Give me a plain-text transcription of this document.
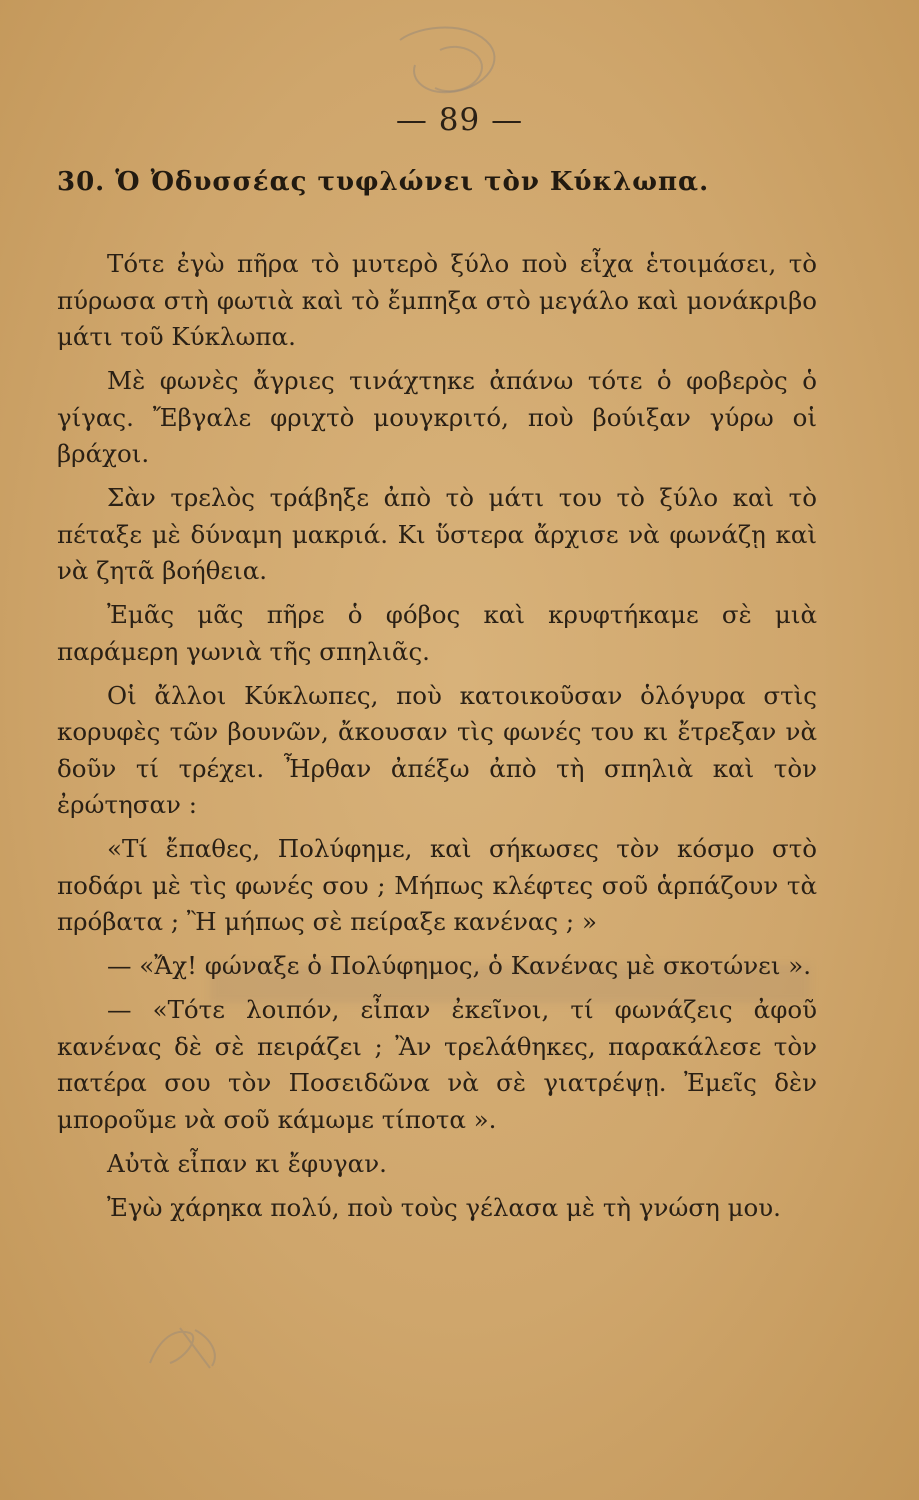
— 89 —
30. Ὁ Ὀδυσσέας τυφλώνει τὸν Κύκλωπα.

Τότε ἐγὼ πῆρα τὸ μυτερὸ ξύλο ποὺ εἶχα ἑτοιμάσει, τὸ πύρωσα στὴ φωτιὰ καὶ τὸ ἔμπηξα στὸ μεγάλο καὶ μονάκριβο μάτι τοῦ Κύκλωπα.

Μὲ φωνὲς ἄγριες τινάχτηκε ἀπάνω τότε ὁ φοβερὸς ὁ γίγας. Ἔβγαλε φριχτὸ μουγκριτό, ποὺ βούιξαν γύρω οἱ βράχοι.

Σὰν τρελὸς τράβηξε ἀπὸ τὸ μάτι του τὸ ξύλο καὶ τὸ πέταξε μὲ δύναμη μακριά. Κι ὕστερα ἄρχισε νὰ φωνάζῃ καὶ νὰ ζητᾶ βοήθεια.

Ἐμᾶς μᾶς πῆρε ὁ φόβος καὶ κρυφτήκαμε σὲ μιὰ παράμερη γωνιὰ τῆς σπηλιᾶς.

Οἱ ἄλλοι Κύκλωπες, ποὺ κατοικοῦσαν ὁλόγυρα στὶς κορυφὲς τῶν βουνῶν, ἄκουσαν τὶς φωνές του κι ἔτρεξαν νὰ δοῦν τί τρέχει. Ἦρθαν ἀπέξω ἀπὸ τὴ σπηλιὰ καὶ τὸν ἐρώτησαν :

«Τί ἔπαθες, Πολύφημε, καὶ σήκωσες τὸν κόσμο στὸ ποδάρι μὲ τὶς φωνές σου ; Μήπως κλέφτες σοῦ ἁρπάζουν τὰ πρόβατα ; Ἢ μήπως σὲ πείραξε κανένας ; »

— «Ἄχ! φώναξε ὁ Πολύφημος, ὁ Κανένας μὲ σκοτώνει ».

— «Τότε λοιπόν, εἶπαν ἐκεῖνοι, τί φωνάζεις ἀφοῦ κανένας δὲ σὲ πειράζει ; Ἂν τρελάθηκες, παρακάλεσε τὸν πατέρα σου τὸν Ποσειδῶνα νὰ σὲ γιατρέψῃ. Ἐμεῖς δὲν μποροῦμε νὰ σοῦ κάμωμε τίποτα ».

Αὐτὰ εἶπαν κι ἔφυγαν.

Ἐγὼ χάρηκα πολύ, ποὺ τοὺς γέλασα μὲ τὴ γνώση μου.
